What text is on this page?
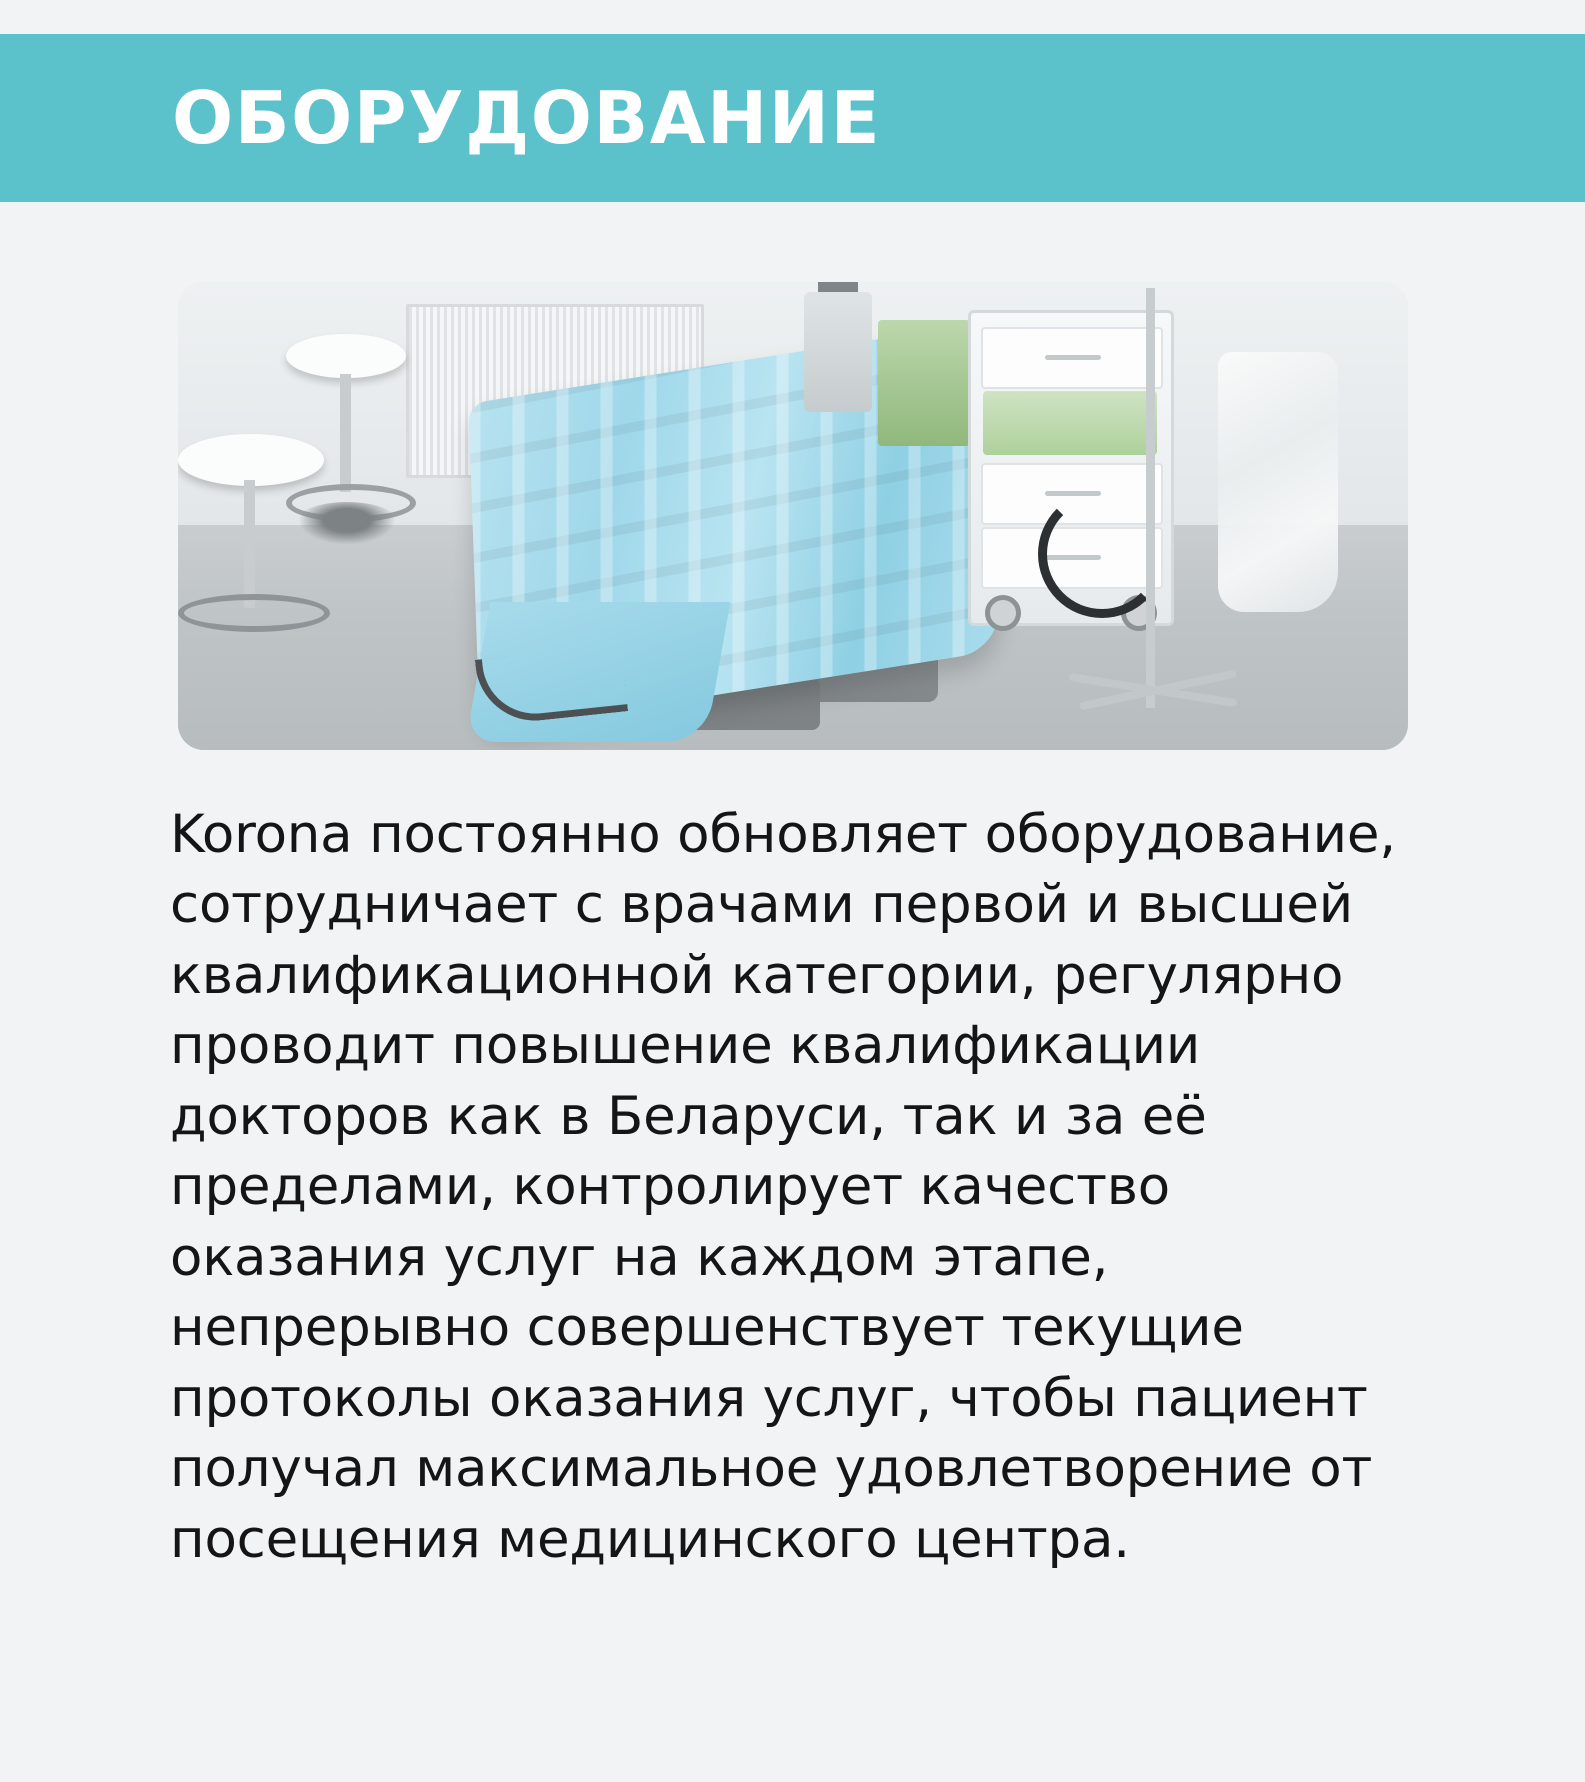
ОБОРУДОВАНИЕ
Korona постоянно обновляет оборудование, сотрудничает с врачами первой и высшей квалификационной категории, регулярно проводит повышение квалификации докторов как в Беларуси, так и за её пределами, контролирует качество оказания услуг на каждом этапе, непрерывно совершенствует текущие протоколы оказания услуг, чтобы пациент получал максимальное удовлетворение от посещения медицинского центра.
